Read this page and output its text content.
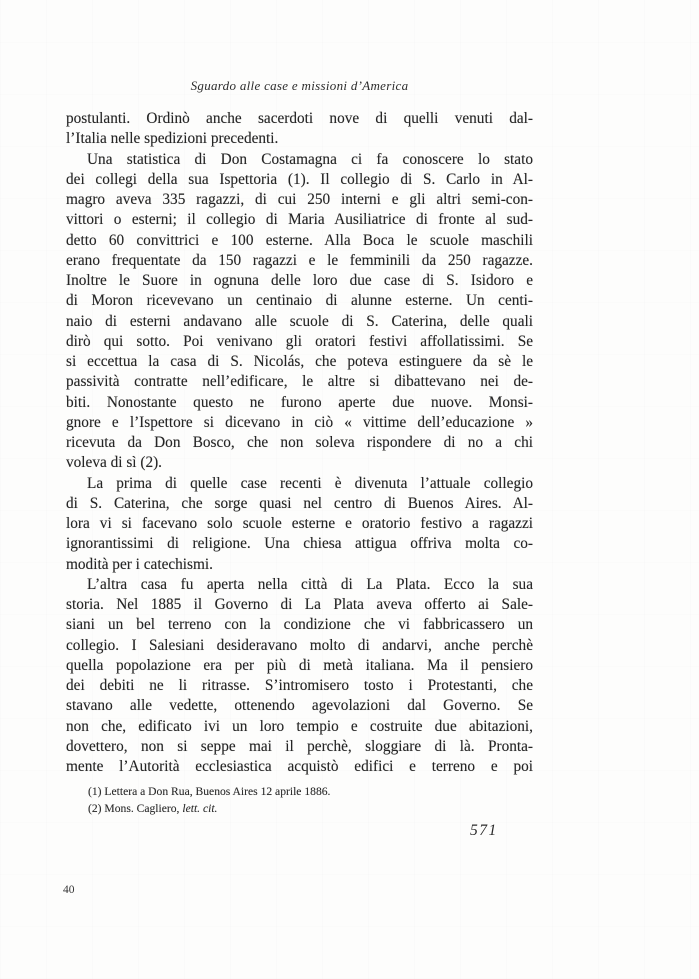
Sguardo alle case e missioni d’America
postulanti. Ordinò anche sacerdoti nove di quelli venuti dal-
l’Italia nelle spedizioni precedenti.
Una statistica di Don Costamagna ci fa conoscere lo stato
dei collegi della sua Ispettoria (1). Il collegio di S. Carlo in Al-
magro aveva 335 ragazzi, di cui 250 interni e gli altri semi-con-
vittori o esterni; il collegio di Maria Ausiliatrice di fronte al sud-
detto 60 convittrici e 100 esterne. Alla Boca le scuole maschili
erano frequentate da 150 ragazzi e le femminili da 250 ragazze.
Inoltre le Suore in ognuna delle loro due case di S. Isidoro e
di Moron ricevevano un centinaio di alunne esterne. Un centi-
naio di esterni andavano alle scuole di S. Caterina, delle quali
dirò qui sotto. Poi venivano gli oratori festivi affollatissimi. Se
si eccettua la casa di S. Nicolás, che poteva estinguere da sè le
passività contratte nell’edificare, le altre si dibattevano nei de-
biti. Nonostante questo ne furono aperte due nuove. Monsi-
gnore e l’Ispettore si dicevano in ciò « vittime dell’educazione »
ricevuta da Don Bosco, che non soleva rispondere di no a chi
voleva di sì (2).
La prima di quelle case recenti è divenuta l’attuale collegio
di S. Caterina, che sorge quasi nel centro di Buenos Aires. Al-
lora vi si facevano solo scuole esterne e oratorio festivo a ragazzi
ignorantissimi di religione. Una chiesa attigua offriva molta co-
modità per i catechismi.
L’altra casa fu aperta nella città di La Plata. Ecco la sua
storia. Nel 1885 il Governo di La Plata aveva offerto ai Sale-
siani un bel terreno con la condizione che vi fabbricassero un
collegio. I Salesiani desideravano molto di andarvi, anche perchè
quella popolazione era per più di metà italiana. Ma il pensiero
dei debiti ne li ritrasse. S’intromisero tosto i Protestanti, che
stavano alle vedette, ottenendo agevolazioni dal Governo. Se
non che, edificato ivi un loro tempio e costruite due abitazioni,
dovettero, non si seppe mai il perchè, sloggiare di là. Pronta-
mente l’Autorità ecclesiastica acquistò edifici e terreno e poi
(1) Lettera a Don Rua, Buenos Aires 12 aprile 1886.
(2) Mons. Cagliero, lett. cit.
571
40
